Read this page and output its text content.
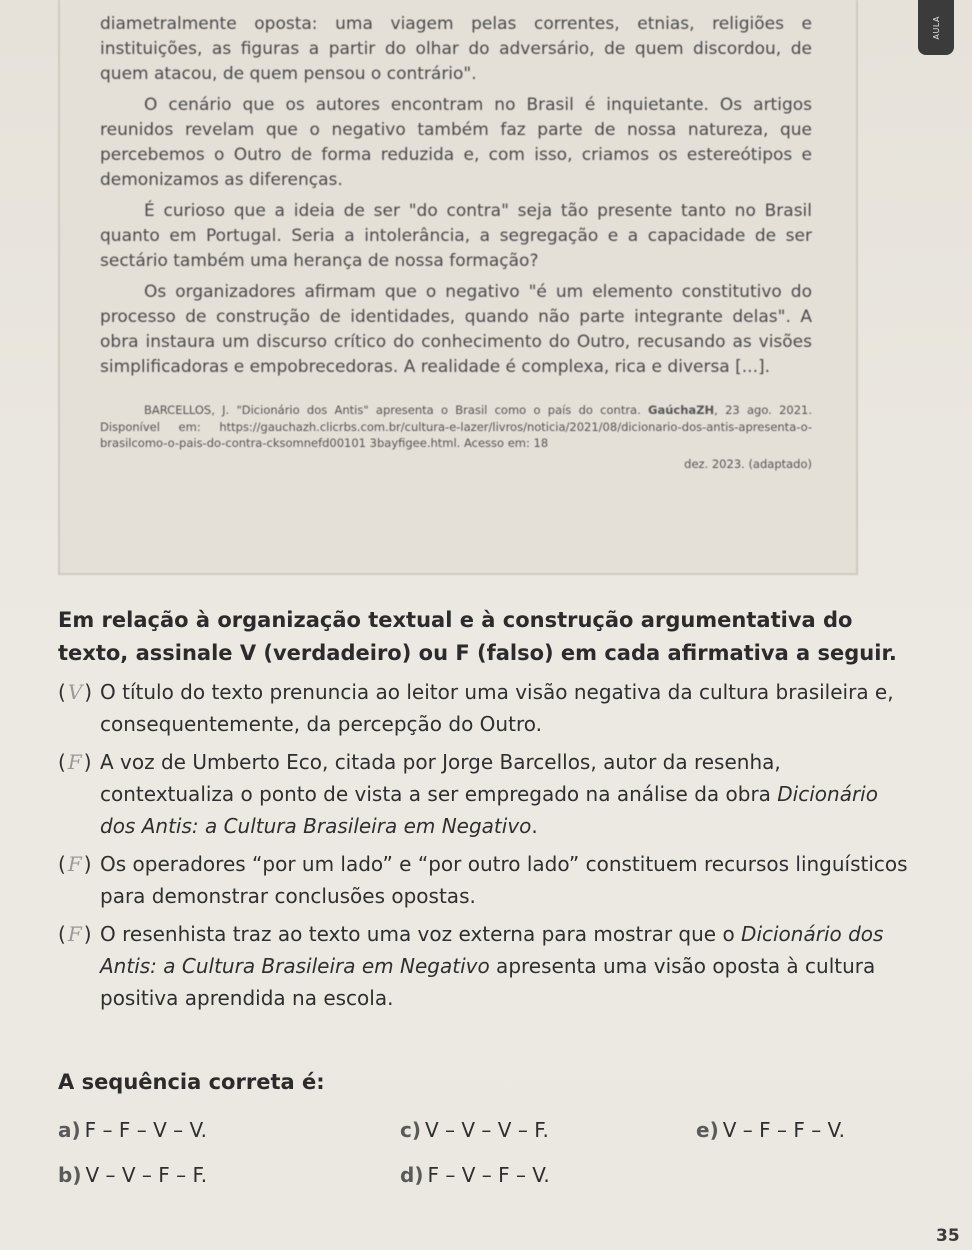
diametralmente oposta: uma viagem pelas correntes, etnias, religiões e instituições, as figuras a partir do olhar do adversário, de quem discordou, de quem atacou, de quem pensou o contrário".

O cenário que os autores encontram no Brasil é inquietante. Os artigos reunidos revelam que o negativo também faz parte de nossa natureza, que percebemos o Outro de forma reduzida e, com isso, criamos os estereótipos e demonizamos as diferenças.

É curioso que a ideia de ser "do contra" seja tão presente tanto no Brasil quanto em Portugal. Seria a intolerância, a segregação e a capacidade de ser sectário também uma herança de nossa formação?

Os organizadores afirmam que o negativo "é um elemento constitutivo do processo de construção de identidades, quando não parte integrante delas". A obra instaura um discurso crítico do conhecimento do Outro, recusando as visões simplificadoras e empobrecedoras. A realidade é complexa, rica e diversa [...].

BARCELLOS, J. "Dicionário dos Antis" apresenta o Brasil como o país do contra. GaúchaZH, 23 ago. 2021. Disponível em: https://gauchazh.clicrbs.com.br/cultura-e-lazer/livros/noticia/2021/08/dicionario-dos-antis-apresenta-o-brasilcomo-o-pais-do-contra-cksomnefd00101 3bayfigee.html. Acesso em: 18

dez. 2023. (adaptado)

AULA

Em relação à organização textual e à construção argumentativa do texto, assinale V (verdadeiro) ou F (falso) em cada afirmativa a seguir.

( V ) O título do texto prenuncia ao leitor uma visão negativa da cultura brasileira e, consequentemente, da percepção do Outro.
( F ) A voz de Umberto Eco, citada por Jorge Barcellos, autor da resenha, contextualiza o ponto de vista a ser empregado na análise da obra Dicionário dos Antis: a Cultura Brasileira em Negativo.
( F ) Os operadores “por um lado” e “por outro lado” constituem recursos linguísticos para demonstrar conclusões opostas.
( F ) O resenhista traz ao texto uma voz externa para mostrar que o Dicionário dos Antis: a Cultura Brasileira em Negativo apresenta uma visão oposta à cultura positiva aprendida na escola.
A sequência correta é:
a) F – F – V – V.
b) V – V – F – F.
c) V – V – V – F.
d) F – V – F – V.
e) V – F – F – V.
35
